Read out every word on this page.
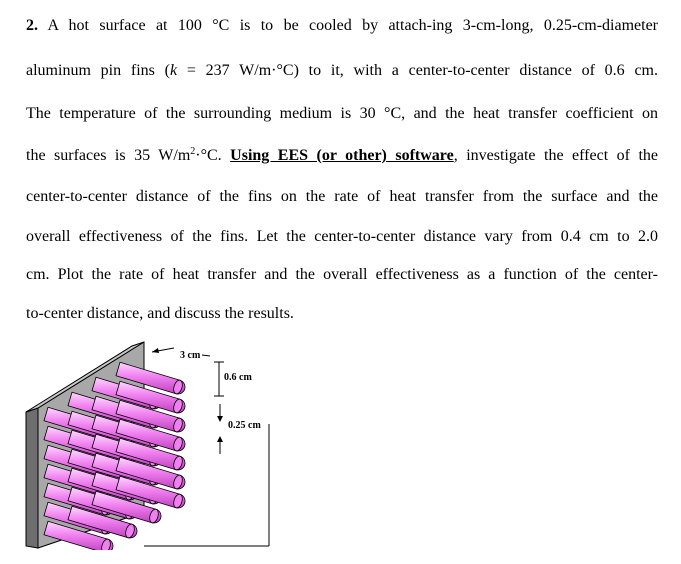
2. A hot surface at 100 °C is to be cooled by attach-ing 3-cm-long, 0.25-cm-diameter
aluminum pin fins (k = 237 W/m·°C) to it, with a center-to-center distance of 0.6 cm.
The temperature of the surrounding medium is 30 °C, and the heat transfer coefficient on
the surfaces is 35 $W/m^2\cdot^\circ C$. Using EES (or other) software, investigate the effect of the
center-to-center distance of the fins on the rate of heat transfer from the surface and the
overall effectiveness of the fins. Let the center-to-center distance vary from 0.4 cm to 2.0
cm. Plot the rate of heat transfer and the overall effectiveness as a function of the center-
to-center distance, and discuss the results.
3 cm
0.6 cm
0.25 cm
